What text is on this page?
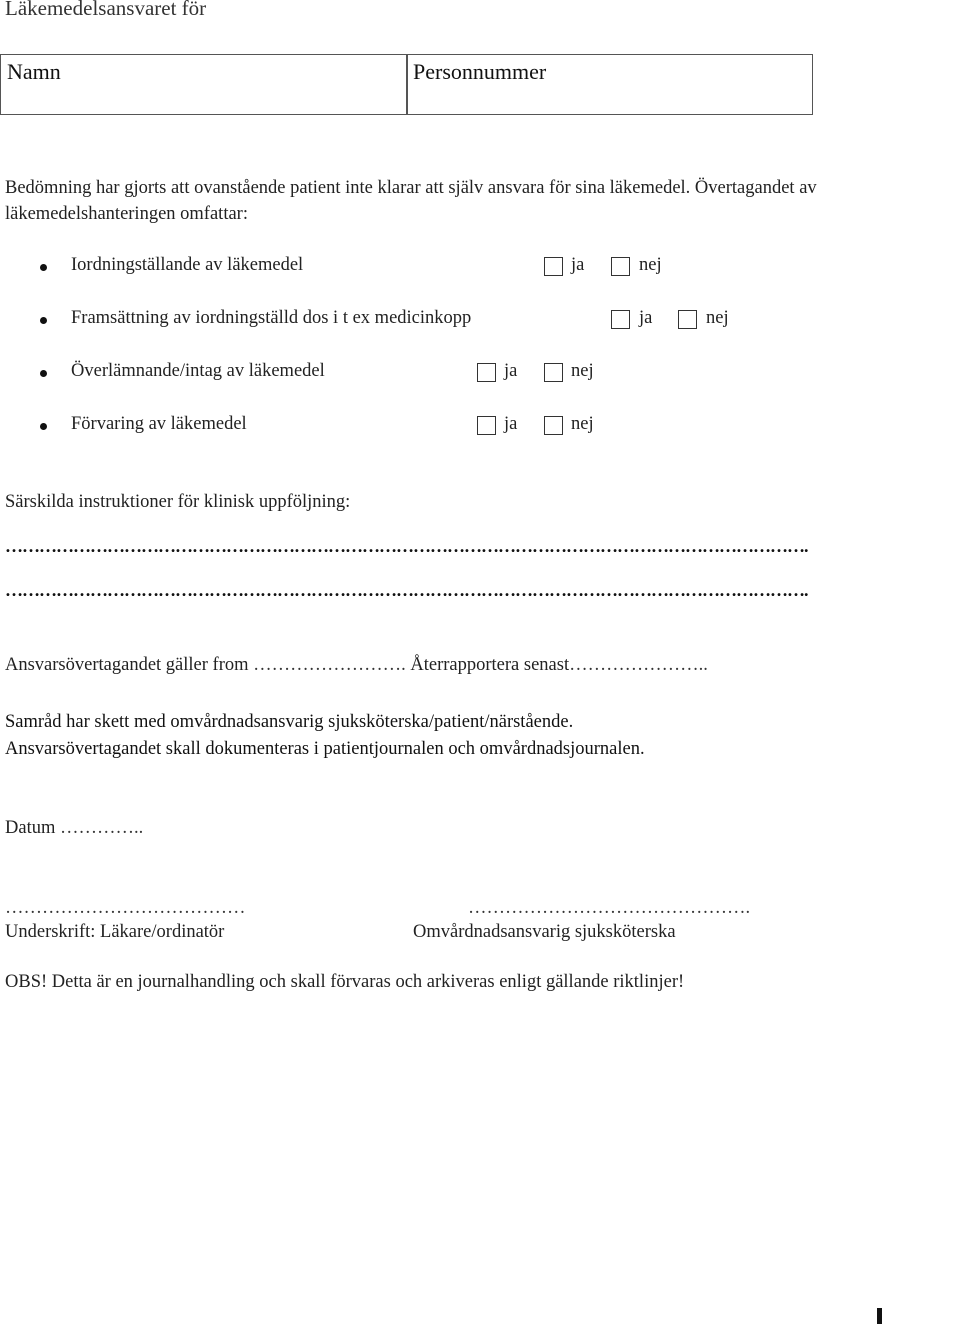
Läkemedelsansvaret för
Namn	Personnummer
Bedömning har gjorts att ovanstående patient inte klarar att själv ansvara för sina läkemedel. Övertagandet av läkemedelshanteringen omfattar:
Iordningställande av läkemedel	ja	nej
Framsättning av iordningställd dos i t ex medicinkopp	ja	nej
Överlämnande/intag av läkemedel	ja	nej
Förvaring av läkemedel	ja	nej
Särskilda instruktioner för klinisk uppföljning:
…………………………………………………………………………………………………………………………….
…………………………………………………………………………………………………………………………….
Ansvarsövertagandet gäller from ……………………. Återrapportera senast…………………..
Samråd har skett med omvårdnadsansvarig sjuksköterska/patient/närstående.
Ansvarsövertagandet skall dokumenteras i patientjournalen och omvårdnadsjournalen.
Datum …………..
…………………………………
Underskrift: Läkare/ordinatör
……………………………………….
Omvårdnadsansvarig sjuksköterska
OBS! Detta är en journalhandling och skall förvaras och arkiveras enligt gällande riktlinjer!
